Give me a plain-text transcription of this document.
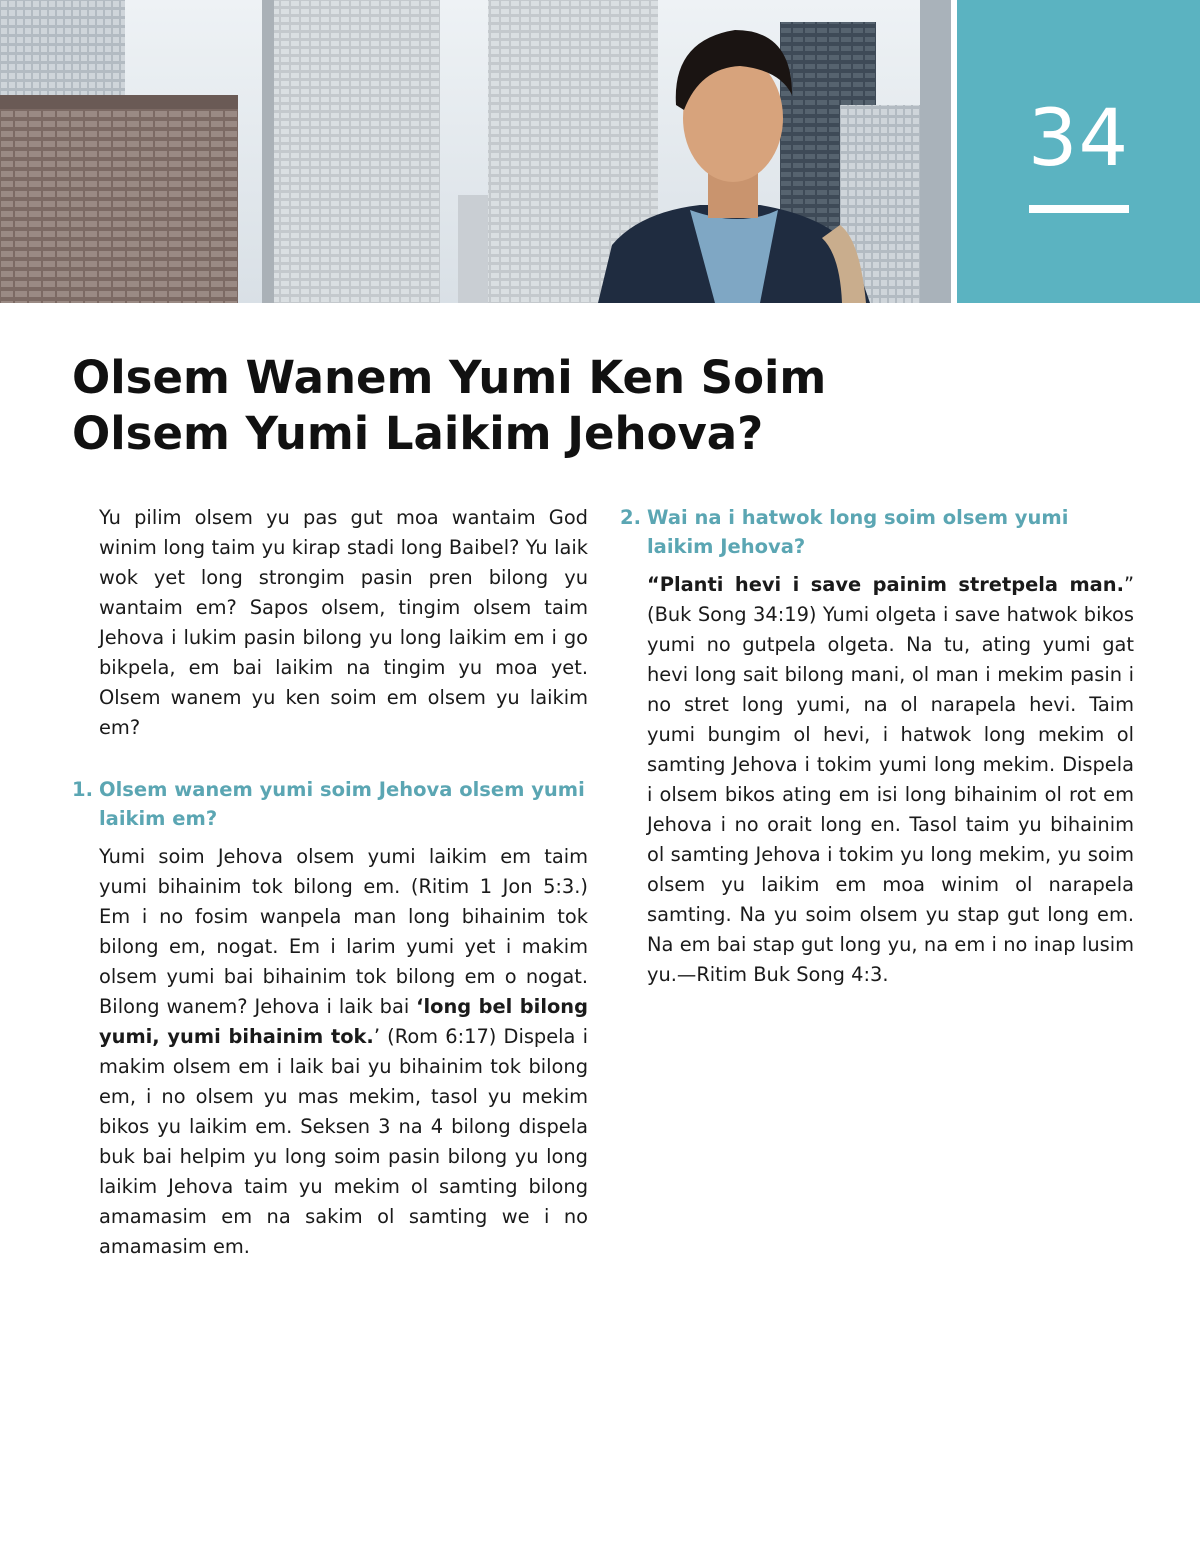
34
Olsem Wanem Yumi Ken Soim
Olsem Yumi Laikim Jehova?

Yu pilim olsem yu pas gut moa wantaim God winim long taim yu kirap stadi long Baibel? Yu laik wok yet long strongim pasin pren bilong yu wantaim em? Sapos olsem, tingim olsem taim Jehova i lukim pasin bilong yu long laikim em i go bikpela, em bai laikim na tingim yu moa yet. Olsem wanem yu ken soim em olsem yu laikim em?

1. Olsem wanem yumi soim Jehova olsem yumi laikim em?

Yumi soim Jehova olsem yumi laikim em taim yumi bihainim tok bilong em. (Ritim 1 Jon 5:3.) Em i no fosim wanpela man long bihainim tok bilong em, nogat. Em i larim yumi yet i makim olsem yumi bai bihainim tok bilong em o nogat. Bilong wanem? Jehova i laik bai ‘long bel bilong yumi, yumi bihainim tok.’ (Rom 6:17) Dispela i makim olsem em i laik bai yu bihainim tok bilong em, i no olsem yu mas mekim, tasol yu mekim bikos yu laikim em. Seksen 3 na 4 bilong dispela buk bai helpim yu long soim pasin bilong yu long laikim Jehova taim yu mekim ol samting bilong amamasim em na sakim ol samting we i no amamasim em.

2. Wai na i hatwok long soim olsem yumi laikim Jehova?

“Planti hevi i save painim stretpela man.” (Buk Song 34:19) Yumi olgeta i save hatwok bikos yumi no gutpela olgeta. Na tu, ating yumi gat hevi long sait bilong mani, ol man i mekim pasin i no stret long yumi, na ol narapela hevi. Taim yumi bungim ol hevi, i hatwok long mekim ol samting Jehova i tokim yumi long mekim. Dispela i olsem bikos ating em isi long bihainim ol rot em Jehova i no orait long en. Tasol taim yu bihainim ol samting Jehova i tokim yu long mekim, yu soim olsem yu laikim em moa winim ol narapela samting. Na yu soim olsem yu stap gut long em. Na em bai stap gut long yu, na em i no inap lusim yu.—Ritim Buk Song 4:3.
